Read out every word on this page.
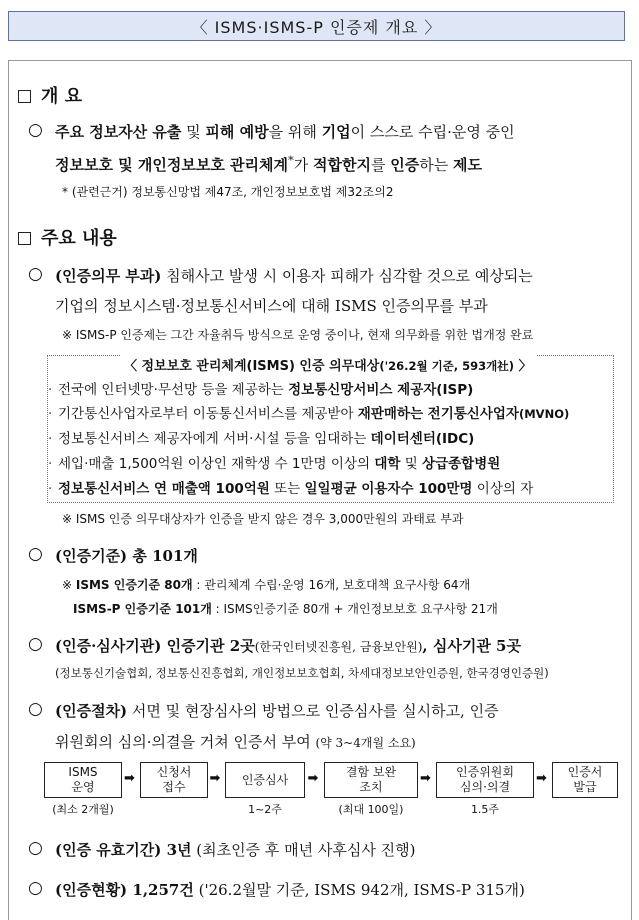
〈 ISMS·ISMS-P 인증제 개요 〉
개 요
○ 주요 정보자산 유출 및 피해 예방을 위해 기업이 스스로 수립·운영 중인
정보보호 및 개인정보보호 관리체계*가 적합한지를 인증하는 제도
* (관련근거) 정보통신망법 제47조, 개인정보보호법 제32조의2
주요 내용
○ (인증의무 부과) 침해사고 발생 시 이용자 피해가 심각할 것으로 예상되는
기업의 정보시스템·정보통신서비스에 대해 ISMS 인증의무를 부과
※ ISMS-P 인증제는 그간 자율취득 방식으로 운영 중이나, 현재 의무화를 위한 법개정 완료
〈 정보보호 관리체계(ISMS) 인증 의무대상('26.2월 기준, 593개社) 〉
· 전국에 인터넷망·무선망 등을 제공하는 정보통신망서비스 제공자(ISP)
· 기간통신사업자로부터 이동통신서비스를 제공받아 재판매하는 전기통신사업자(MVNO)
· 정보통신서비스 제공자에게 서버·시설 등을 임대하는 데이터센터(IDC)
· 세입·매출 1,500억원 이상인 재학생 수 1만명 이상의 대학 및 상급종합병원
· 정보통신서비스 연 매출액 100억원 또는 일일평균 이용자수 100만명 이상의 자
※ ISMS 인증 의무대상자가 인증을 받지 않은 경우 3,000만원의 과태료 부과
○ (인증기준) 총 101개
※ ISMS 인증기준 80개 : 관리체계 수립·운영 16개, 보호대책 요구사항 64개
ISMS-P 인증기준 101개 : ISMS인증기준 80개 + 개인정보보호 요구사항 21개
○ (인증·심사기관) 인증기관 2곳(한국인터넷진흥원, 금융보안원), 심사기관 5곳
(정보통신기술협회, 정보통신진흥협회, 개인정보보호협회, 차세대정보보안인증원, 한국경영인증원)
○ (인증절차) 서면 및 현장심사의 방법으로 인증심사를 실시하고, 인증
위원회의 심의·의결을 거쳐 인증서 부여 (약 3~4개월 소요)
ISMS
운영
(최소 2개월)
➡ 신청서
접수
➡ 인증심사
1~2주
➡ 결함 보완
조치
(최대 100일)
➡ 인증위원회
심의·의결
1.5주
➡ 인증서
발급
○ (인증 유효기간) 3년 (최초인증 후 매년 사후심사 진행)
○ (인증현황) 1,257건 ('26.2월말 기준, ISMS 942개, ISMS-P 315개)
